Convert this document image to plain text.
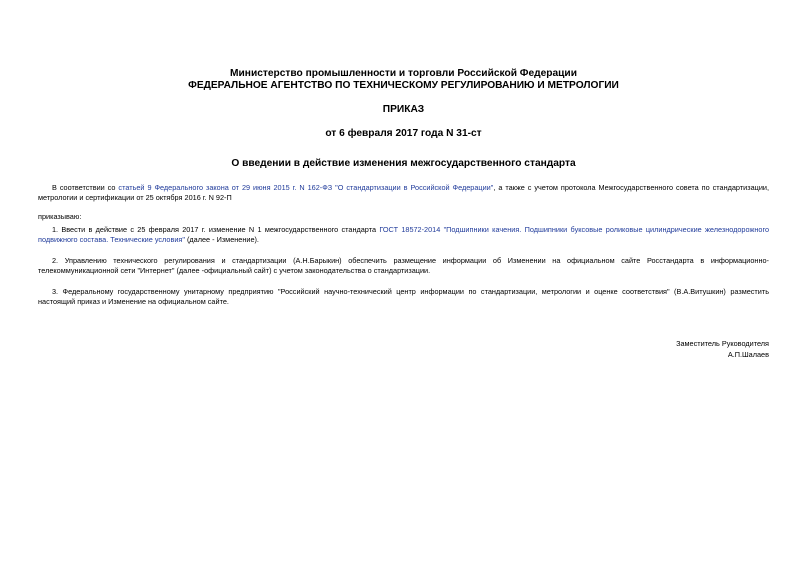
Министерство промышленности и торговли Российской Федерации
ФЕДЕРАЛЬНОЕ АГЕНТСТВО ПО ТЕХНИЧЕСКОМУ РЕГУЛИРОВАНИЮ И МЕТРОЛОГИИ
ПРИКАЗ
от 6 февраля 2017 года N 31-ст
О введении в действие изменения межгосударственного стандарта

В соответствии со статьей 9 Федерального закона от 29 июня 2015 г. N 162-ФЗ "О стандартизации в Российской Федерации", а также с учетом протокола Межгосударственного совета по стандартизации, метрологии и сертификации от 25 октября 2016 г. N 92-П

приказываю:

1. Ввести в действие с 25 февраля 2017 г. изменение N 1 межгосударственного стандарта ГОСТ 18572-2014 "Подшипники качения. Подшипники буксовые роликовые цилиндрические железнодорожного подвижного состава. Технические условия" (далее - Изменение).

2. Управлению технического регулирования и стандартизации (А.Н.Барыкин) обеспечить размещение информации об Изменении на официальном сайте Росстандарта в информационно-телекоммуникационной сети "Интернет" (далее -официальный сайт) с учетом законодательства о стандартизации.

3. Федеральному государственному унитарному предприятию "Российский научно-технический центр информации по стандартизации, метрологии и оценке соответствия" (В.А.Витушкин) разместить настоящий приказ и Изменение на официальном сайте.

Заместитель Руководителя
А.П.Шалаев
